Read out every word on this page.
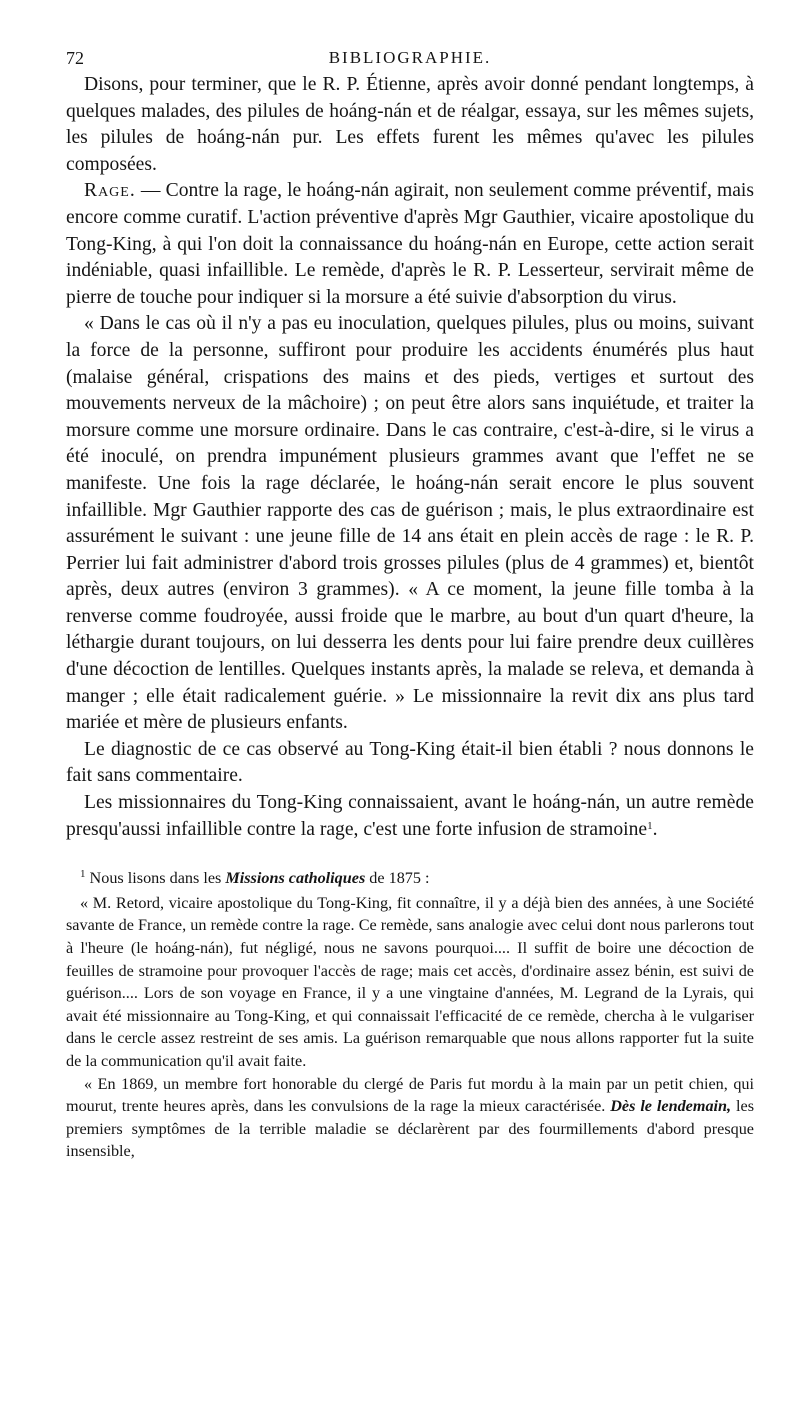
72	BIBLIOGRAPHIE.

Disons, pour terminer, que le R. P. Étienne, après avoir donné pendant longtemps, à quelques malades, des pilules de hoáng-nán et de réalgar, essaya, sur les mêmes sujets, les pilules de hoáng-nán pur. Les effets furent les mêmes qu'avec les pilules composées.

Rage. — Contre la rage, le hoáng-nán agirait, non seulement comme préventif, mais encore comme curatif. L'action préventive d'après Mgr Gauthier, vicaire apostolique du Tong-King, à qui l'on doit la connaissance du hoáng-nán en Europe, cette action serait indéniable, quasi infaillible. Le remède, d'après le R. P. Lesserteur, servirait même de pierre de touche pour indiquer si la morsure a été suivie d'absorption du virus.

« Dans le cas où il n'y a pas eu inoculation, quelques pilules, plus ou moins, suivant la force de la personne, suffiront pour produire les accidents énumérés plus haut (malaise général, crispations des mains et des pieds, vertiges et surtout des mouvements nerveux de la mâchoire) ; on peut être alors sans inquiétude, et traiter la morsure comme une morsure ordinaire. Dans le cas contraire, c'est-à-dire, si le virus a été inoculé, on prendra impunément plusieurs grammes avant que l'effet ne se manifeste. Une fois la rage déclarée, le hoáng-nán serait encore le plus souvent infaillible. Mgr Gauthier rapporte des cas de guérison ; mais, le plus extraordinaire est assurément le suivant : une jeune fille de 14 ans était en plein accès de rage : le R. P. Perrier lui fait administrer d'abord trois grosses pilules (plus de 4 grammes) et, bientôt après, deux autres (environ 3 grammes). « A ce moment, la jeune fille tomba à la renverse comme foudroyée, aussi froide que le marbre, au bout d'un quart d'heure, la léthargie durant toujours, on lui desserra les dents pour lui faire prendre deux cuillères d'une décoction de lentilles. Quelques instants après, la malade se releva, et demanda à manger ; elle était radicalement guérie. » Le missionnaire la revit dix ans plus tard mariée et mère de plusieurs enfants.

Le diagnostic de ce cas observé au Tong-King était-il bien établi ? nous donnons le fait sans commentaire.

Les missionnaires du Tong-King connaissaient, avant le hoáng-nán, un autre remède presqu'aussi infaillible contre la rage, c'est une forte infusion de stramoine$^1$.

$^1$ Nous lisons dans les Missions catholiques de 1875 :

« M. Retord, vicaire apostolique du Tong-King, fit connaître, il y a déjà bien des années, à une Société savante de France, un remède contre la rage. Ce remède, sans analogie avec celui dont nous parlerons tout à l'heure (le hoáng-nán), fut négligé, nous ne savons pourquoi.... Il suffit de boire une décoction de feuilles de stramoine pour provoquer l'accès de rage; mais cet accès, d'ordinaire assez bénin, est suivi de guérison.... Lors de son voyage en France, il y a une vingtaine d'années, M. Legrand de la Lyrais, qui avait été missionnaire au Tong-King, et qui connaissait l'efficacité de ce remède, chercha à le vulgariser dans le cercle assez restreint de ses amis. La guérison remarquable que nous allons rapporter fut la suite de la communication qu'il avait faite.

« En 1869, un membre fort honorable du clergé de Paris fut mordu à la main par un petit chien, qui mourut, trente heures après, dans les convulsions de la rage la mieux caractérisée. Dès le lendemain, les premiers symptômes de la terrible maladie se déclarèrent par des fourmillements d'abord presque insensible,
